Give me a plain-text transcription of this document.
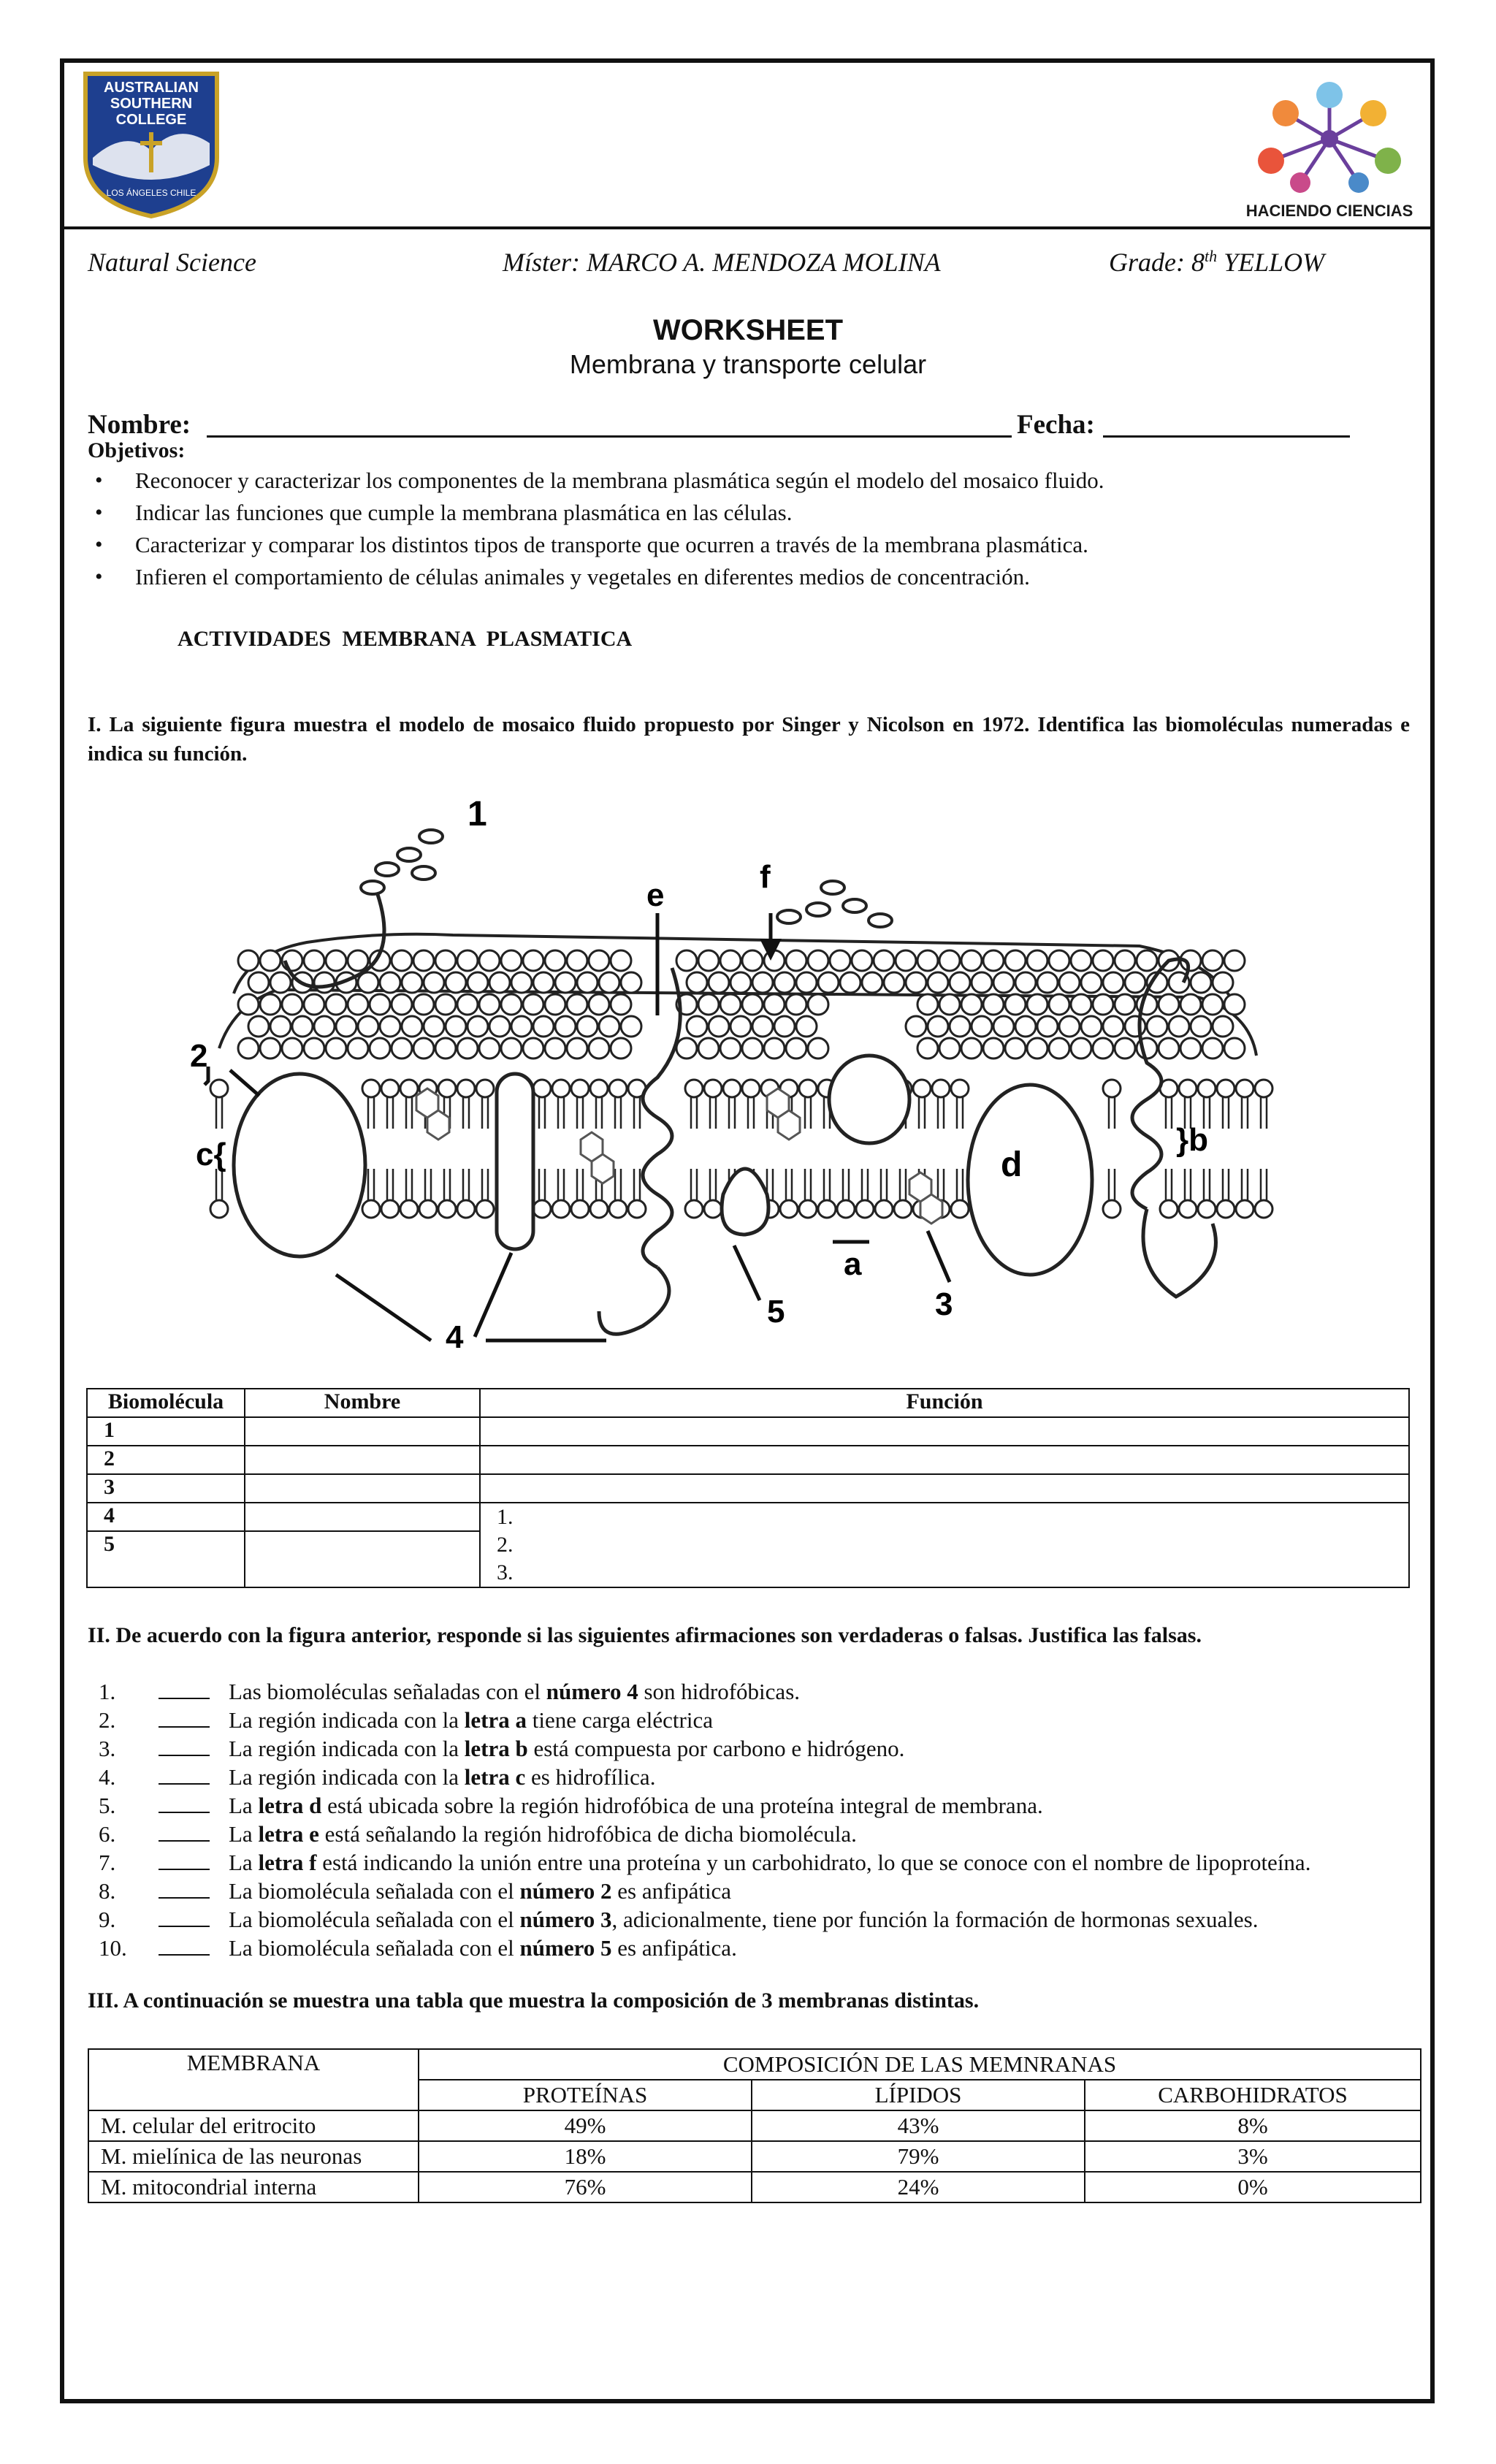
AUSTRALIAN
SOUTHERN
COLLEGE
LOS ÁNGELES CHILE
HACIENDO CIENCIAS
Natural Science	Míster: MARCO A. MENDOZA MOLINA	Grade: 8th YELLOW
WORKSHEET
Membrana y transporte celular
Nombre:	Fecha:
Objetivos:
• Reconocer y caracterizar los componentes de la membrana plasmática según el modelo del mosaico fluido.
• Indicar las funciones que cumple la membrana plasmática en las células.
• Caracterizar y comparar los distintos tipos de transporte que ocurren a través de la membrana plasmática.
• Infieren el comportamiento de células animales y vegetales en diferentes medios de concentración.
ACTIVIDADES MEMBRANA PLASMATICA
I. La siguiente figura muestra el modelo de mosaico fluido propuesto por Singer y Nicolson en 1972. Identifica las biomoléculas numeradas e indica su función.
1
2
3
4
5
a
}b
c{	d
e
f
Biomolécula	Nombre	Función
1		
2		
3		
4		1.
2.
3.

5		
II. De acuerdo con la figura anterior, responde si las siguientes afirmaciones son verdaderas o falsas. Justifica las falsas.
1.	Las biomoléculas señaladas con el número 4 son hidrofóbicas.
2.	La región indicada con la letra a tiene carga eléctrica
3.	La región indicada con la letra b está compuesta por carbono e hidrógeno.
4.	La región indicada con la letra c es hidrofílica.
5.	La letra d está ubicada sobre la región hidrofóbica de una proteína integral de membrana.
6.	La letra e está señalando la región hidrofóbica de dicha biomolécula.
7.	La letra f está indicando la unión entre una proteína y un carbohidrato, lo que se conoce con el nombre de lipoproteína.
8.	La biomolécula señalada con el número 2 es anfipática
9.	La biomolécula señalada con el número 3, adicionalmente, tiene por función la formación de hormonas sexuales.
10.	La biomolécula señalada con el número 5 es anfipática.
III. A continuación se muestra una tabla que muestra la composición de 3 membranas distintas.
MEMBRANA	COMPOSICIÓN DE LAS MEMNRANAS		
	PROTEÍNAS	LÍPIDOS	CARBOHIDRATOS
M. celular del eritrocito	49%	43%	8%
M. mielínica de las neuronas	18%	79%	3%
M. mitocondrial interna	76%	24%	0%
